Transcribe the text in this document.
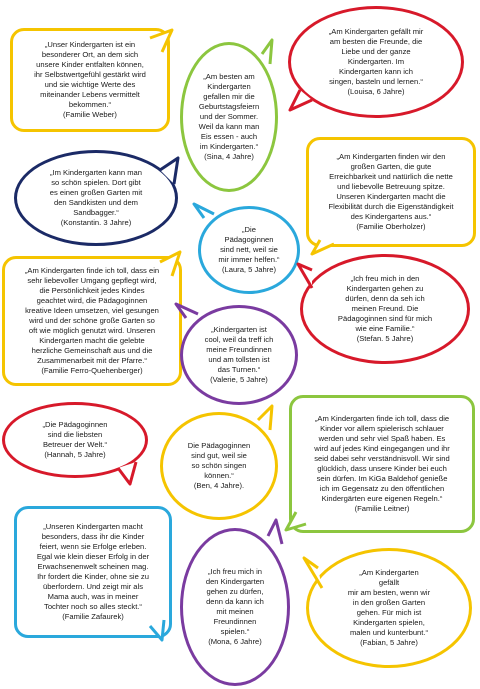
„Unser Kindergarten ist ein
besonderer Ort, an dem sich
unsere Kinder entfalten können,
ihr Selbstwertgefühl gestärkt wird
und sie wichtige Werte des
miteinander Lebens vermittelt
bekommen.“
(Familie Weber)
„Am besten am
Kindergarten
gefallen mir die
Geburtstagsfeiern
und der Sommer.
Weil da kann man
Eis essen - auch
im Kindergarten.“
(Sina, 4 Jahre)
„Am Kindergarten gefällt mir
am besten die Freunde, die
Liebe und der ganze
Kindergarten. Im
Kindergarten kann ich
singen, basteln und lernen.“
(Louisa, 6 Jahre)
„Im Kindergarten kann man
so schön spielen. Dort gibt
es einen großen Garten mit
den Sandkisten und dem
Sandbagger.“
(Konstantin. 3 Jahre)
„Am Kindergarten finden wir den
großen Garten, die gute
Erreichbarkeit und natürlich die nette
und liebevolle Betreuung spitze.
Unseren Kindergarten macht die
Flexibilität durch die Eigenständigkeit
des Kindergartens aus.“
(Familie Oberholzer)
„Die
Pädagoginnen
sind nett, weil sie
mir immer helfen.“
(Laura, 5 Jahre)
„Am Kindergarten finde ich toll, dass ein
sehr liebevoller Umgang gepflegt wird,
die Persönlichkeit jedes Kindes
geachtet wird, die Pädagoginnen
kreative Ideen umsetzen, viel gesungen
wird und der schöne große Garten so
oft wie möglich genutzt wird. Unseren
Kindergarten macht die gelebte
herzliche Gemeinschaft aus und die
Zusammenarbeit mit der Pfarre.“
(Familie Ferro-Quehenberger)
„Ich freu mich in den
Kindergarten gehen zu
dürfen, denn da seh ich
meinen Freund. Die
Pädagoginnen sind für mich
wie eine Familie.“
(Stefan. 5 Jahre)
„Kindergarten ist
cool, weil da treff ich
meine Freundinnen
und am tollsten ist
das Turnen.“
(Valerie, 5 Jahre)
„Die Pädagoginnen
sind die liebsten
Betreuer der Welt.“
(Hannah, 5 Jahre)
Die Pädagoginnen
sind gut, weil sie
so schön singen
können.“
(Ben, 4 Jahre).
„Am Kindergarten finde ich toll, dass die
Kinder vor allem spielerisch schlauer
werden und sehr viel Spaß haben. Es
wird auf jedes Kind eingegangen und ihr
seid dabei sehr verständnisvoll. Wir sind
glücklich, dass unsere Kinder bei euch
sein dürfen. Im KiGa Baldehof genieße
ich im Gegensatz zu den öffentlichen
Kindergärten eure eigenen Regeln.“
(Familie Leitner)
„Unseren Kindergarten macht
besonders, dass ihr die Kinder
feiert, wenn sie Erfolge erleben.
Egal wie klein dieser Erfolg in der
Erwachsenenwelt scheinen mag.
Ihr fordert die Kinder, ohne sie zu
überfordern. Und zeigt mir als
Mama auch, was in meiner
Tochter noch so alles steckt.“
(Familie Zafaurek)
„Ich freu mich in
den Kindergarten
gehen zu dürfen,
denn da kann ich
mit meinen
Freundinnen
spielen.“
(Mona, 6 Jahre)
„Am Kindergarten
gefällt
mir am besten, wenn wir
in den großen Garten
gehen. Für mich ist
Kindergarten spielen,
malen und kunterbunt.“
(Fabian, 5 Jahre)
